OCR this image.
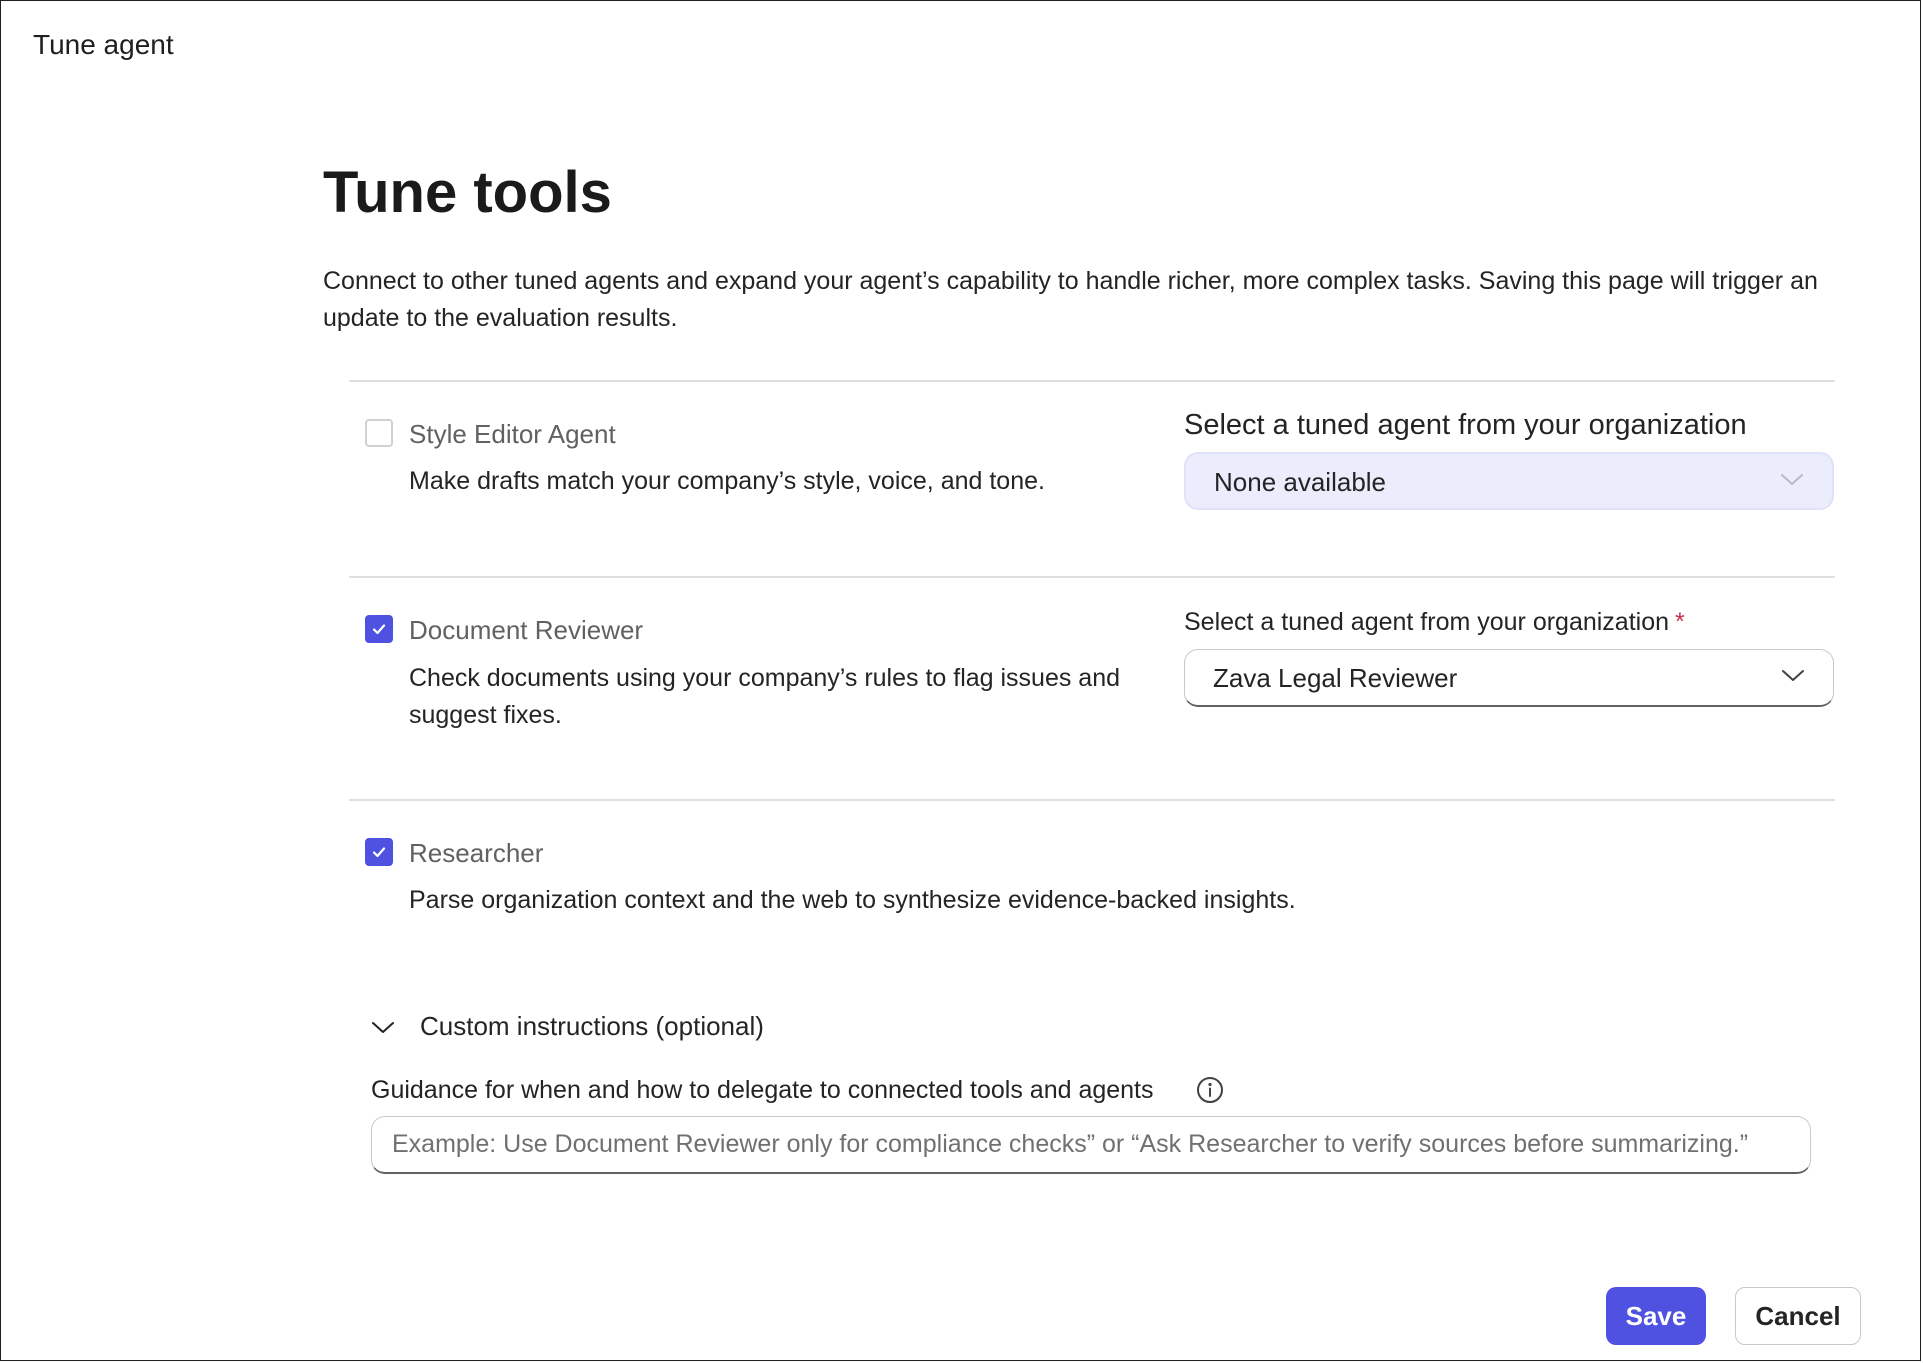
Tune agent
Tune tools
Connect to other tuned agents and expand your agent’s capability to handle richer, more complex tasks. Saving this page will trigger an update to the evaluation results.
Style Editor Agent
Make drafts match your company’s style, voice, and tone.
Select a tuned agent from your organization
None available
Document Reviewer
Check documents using your company’s rules to flag issues and suggest fixes.
Select a tuned agent from your organization *
Zava Legal Reviewer
Researcher
Parse organization context and the web to synthesize evidence-backed insights.
Custom instructions (optional)
Guidance for when and how to delegate to connected tools and agents
Example: Use Document Reviewer only for compliance checks” or “Ask Researcher to verify sources before summarizing.”
Save	Cancel
